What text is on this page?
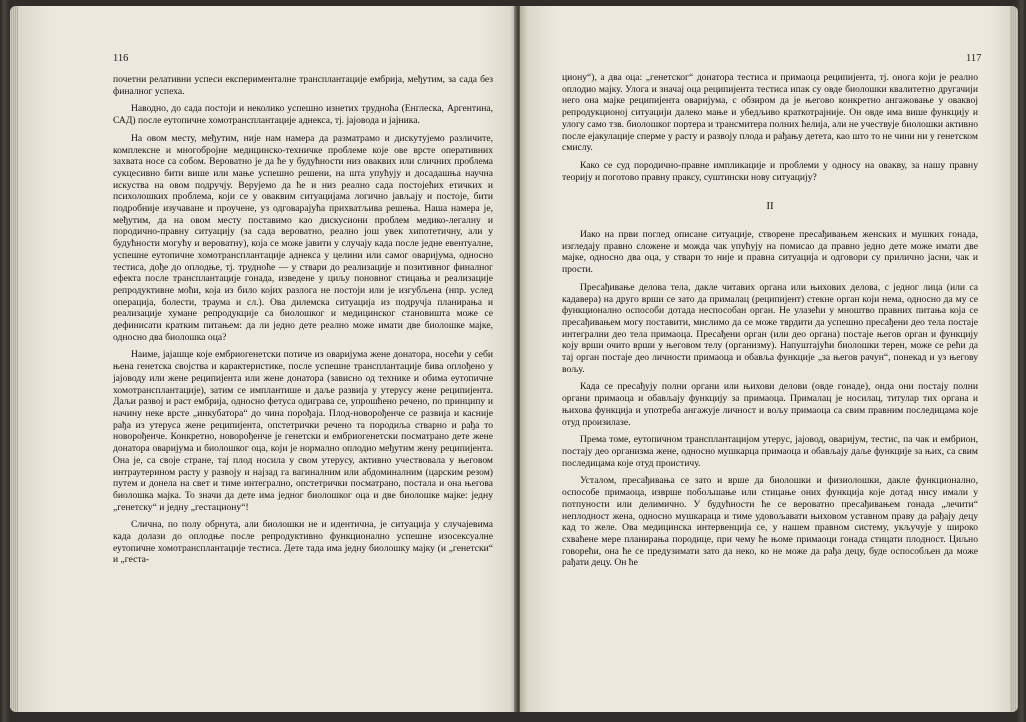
116

почетни релативни успеси експерименталне трансплантације ембрија, међутим, за сада без финалног успеха.

Наводно, до сада постоји и неколико успешно изнетих трудноћа (Енглеска, Аргентина, САД) после еутопичне хомотрансплантације аднекса, тј. јајовода и јајника.

На овом месту, међутим, није нам намера да разматрамо и дискутујемо различите, комплексне и многобројне медицинско-техничке проблеме које ове врсте оперативних захвата носе са собом. Вероватно је да ће у будућности низ оваквих или сличних проблема сукцесивно бити више или мање успешно решени, на шта упућују и досадашња научна искуства на овом подручју. Верујемо да ће и низ реално сада постојећих етичких и психолошких проблема, који се у оваквим ситуацијама логично јављају и постоје, бити подробније изучаване и проучене, уз одговарајућа прихватљива решења. Наша намера је, међутим, да на овом месту поставимо као дискусиони проблем медико-легалну и породично-правну ситуацију (за сада вероватно, реално још увек хипотетичну, али у будућности могућу и вероватну), која се може јавити у случају када после једне евентуалне, успешне еутопичне хомотрансплантације аднекса у целини или самог оваријума, односно тестиса, дође до оплодње, тј. трудноће — у ствари до реализације и позитивног финалног ефекта после трансплантације гонада, изведене у циљу поновног стицања и реализације репродуктивне моћи, која из било којих разлога не постоји или је изгубљена (нпр. услед операција, болести, траума и сл.). Ова дилемска ситуација из подручја планирања и реализације хумане репродукције са биолошког и медицинског становишта може се дефинисати кратким питањем: да ли једно дете реално може имати две биолошке мајке, односно два биолошка оца?

Наиме, јајашце које ембриогенетски потиче из оваријума жене донатора, носећи у себи њена генетска својства и карактеристике, после успешне трансплантације бива оплођено у јајоводу или жене реципијента или жене донатора (зависно од технике и обима еутопичне хомотрансплантације), затим се имплантише и даље развија у утерусу жене реципијента. Даљи развој и раст ембрија, односно фетуса одиграва се, упрошћено речено, по принципу и начину неке врсте „инкубатора“ до чина порођаја. Плод-новорођенче се развија и касније рађа из утеруса жене реципијента, опстетрички речено та породиља стварно и рађа то новорођенче. Конкретно, новорођенче је генетски и ембриогенетски посматрано дете жене донатора оваријума и биолошког оца, који је нормално оплодио међутим жену реципијента. Она је, са своје стране, тај плод носила у свом утерусу, активно учествовала у његовом интраутерином расту у развоју и најзад га вагиналним или абдоминалним (царским резом) путем и донела на свет и тиме интегрално, опстетрички посматрано, постала и она његова биолошка мајка. То значи да дете има једног биолошког оца и две биолошке мајке: једну „генетску“ и једну „гестациону“!

Слична, по полу обрнута, али биолошки не и идентична, је ситуација у случајевима када долази до оплодње после репродуктивно функционално успешне изосексуалне еутопичне хомотрансплантације тестиса. Дете тада има једну биолошку мајку (и „генетски“ и „геста-

117

циону“), а два оца: „генетског“ донатора тестиса и примаоца реципијента, тј. онога који је реално оплодио мајку. Улога и значај оца реципијента тестиса ипак су овде биолошки квалитетно другачији него она мајке реципијента оваријума, с обзиром да је његово конкретно ангажовање у оваквој репродукционој ситуацији далеко мање и убедљиво краткотрајније. Он овде има више функцију и улогу само тзв. биолошког портера и трансмитера полних ћелија, али не учествује биолошки активно после ејакулације сперме у расту и развоју плода и рађању детета, као што то не чини ни у генетском смислу.

Како се суд породично-правне импликације и проблеми у односу на овакву, за нашу правну теорију и поготово правну праксу, суштински нову ситуацију?

II

Иако на први поглед описане ситуације, створене пресађивањем женских и мушких гонада, изгледају правно сложене и можда чак упућују на помисао да правно једно дете може имати две мајке, односно два оца, у ствари то није и правна ситуација и одговори су прилично јасни, чак и прости.

Пресађивање делова тела, дакле читавих органа или њихових делова, с једног лица (или са кадавера) на друго врши се зато да прималац (реципијент) стекне орган који нема, односно да му се функционално оспособи дотада неспособан орган. Не улазећи у мноштво правних питања која се пресађивањем могу поставити, мислимо да се може тврдити да успешно пресађени део тела постаје интегрални део тела примаоца. Пресађени орган (или део органа) постаје његов орган и функцију коју врши очито врши у његовом телу (организму). Напуштајући биолошки терен, може се рећи да тај орган постаје део личности примаоца и обавља функције „за његов рачун“, понекад и уз његову вољу.

Када се пресађују полни органи или њихови делови (овде гонаде), онда они постају полни органи примаоца и обављају функцију за примаоца. Прималац је носилац, титулар тих органа и њихова функција и употреба ангажује личност и вољу примаоца са свим правним последицама које отуд произилазе.

Према томе, еутопичном трансплантацијом утерус, јајовод, оваријум, тестис, па чак и ембрион, постају део организма жене, односно мушкарца примаоца и обављају даље функције за њих, са свим последицама које отуд проистичу.

Усталом, пресађивања се зато и врше да биолошки и физиолошки, дакле функционално, оспособе примаоца, изврше побољшање или стицање оних функција које дотад нису имали у потпуности или делимично. У будућности ће се вероватно пресађивањем гонада „лечити“ неплодност жена, односно мушкараца и тиме удовољавати њиховом уставном праву да рађају децу кад то желе. Ова медицинска интервенција се, у нашем правном систему, укључује у широко схваћене мере планирања породице, при чему ће њоме примаоци гонада стицати плодност. Циљно говорећи, она ће се предузимати зато да неко, ко не може да рађа децу, буде оспособљен да може рађати децу. Он ће
